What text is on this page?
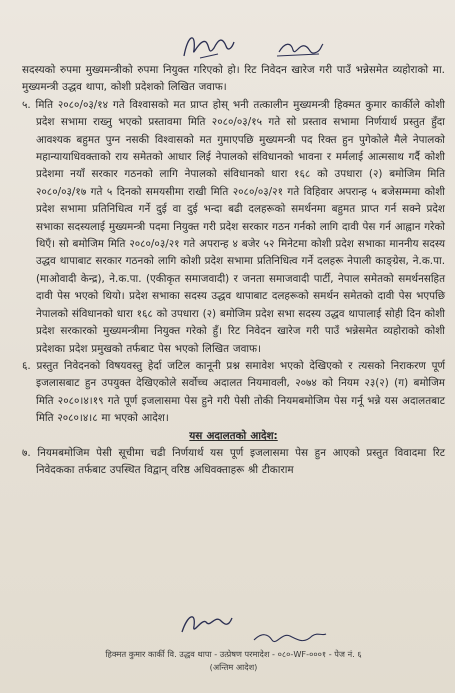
सदस्यको रुपमा मुख्यमन्त्रीको रुपमा नियुक्त गरिएको हो। रिट निवेदन खारेज गरी पाउँ भन्नेसमेत व्यहोराको मा. मुख्यमन्त्री उद्धव थापा, कोशी प्रदेशको लिखित जवाफ।

५. मिति २०८०/०३/१४ गते विश्वासको मत प्राप्त होस् भनी तत्कालीन मुख्यमन्त्री हिक्मत कुमार कार्कीले कोशी प्रदेश सभामा राख्नु भएको प्रस्तावमा मिति २०८०/०३/१५ गते सो प्रस्ताव सभामा निर्णयार्थ प्रस्तुत हुँदा आवश्यक बहुमत पुग्न नसकी विश्वासको मत गुमाएपछि मुख्यमन्त्री पद रिक्त हुन पुगेकोले मैले नेपालको महान्यायाधिवक्ताको राय समेतको आधार लिई नेपालको संविधानको भावना र मर्मलाई आत्मसाथ गर्दै कोशी प्रदेशमा नयाँ सरकार गठनको लागि नेपालको संविधानको धारा १६८ को उपधारा (२) बमोजिम मिति २०८०/०३/१७ गते ५ दिनको समयसीमा राखी मिति २०८०/०३/२१ गते विहिवार अपरान्ह ५ बजेसम्ममा कोशी प्रदेश सभामा प्रतिनिधित्व गर्ने दुई वा दुई भन्दा बढी दलहरूको समर्थनमा बहुमत प्राप्त गर्न सक्ने प्रदेश सभाका सदस्यलाई मुख्यमन्त्री पदमा नियुक्त गरी प्रदेश सरकार गठन गर्नको लागि दावी पेस गर्न आह्वान गरेको थिएँ। सो बमोजिम मिति २०८०/०३/२१ गते अपरान्ह ४ बजेर ५२ मिनेटमा कोशी प्रदेश सभाका माननीय सदस्य उद्धव थापाबाट सरकार गठनको लागि कोशी प्रदेश सभामा प्रतिनिधित्व गर्ने दलहरू नेपाली काङ्ग्रेस, ने.क.पा. (माओवादी केन्द्र), ने.क.पा. (एकीकृत समाजवादी) र जनता समाजवादी पार्टी, नेपाल समेतको समर्थनसहित दावी पेस भएको थियो। प्रदेश सभाका सदस्य उद्धव थापाबाट दलहरूको समर्थन समेतको दावी पेस भएपछि नेपालको संविधानको धारा १६८ को उपधारा (२) बमोजिम प्रदेश सभा सदस्य उद्धव थापालाई सोही दिन कोशी प्रदेश सरकारको मुख्यमन्त्रीमा नियुक्त गरेको हुँ। रिट निवेदन खारेज गरी पाउँ भन्नेसमेत व्यहोराको कोशी प्रदेशका प्रदेश प्रमुखको तर्फबाट पेस भएको लिखित जवाफ।

६. प्रस्तुत निवेदनको विषयवस्तु हेर्दा जटिल कानूनी प्रश्न समावेश भएको देखिएको र त्यसको निराकरण पूर्ण इजलासबाट हुन उपयुक्त देखिएकोले सर्वोच्च अदालत नियमावली, २०७४ को नियम २३(२) (ग) बमोजिम मिति २०८०।४।१९ गते पूर्ण इजलासमा पेस हुने गरी पेसी तोकी नियमबमोजिम पेस गर्नू भन्ने यस अदालतबाट मिति २०८०।४।८ मा भएको आदेश।

यस अदालतको आदेश:

७. नियमबमोजिम पेसी सूचीमा चढी निर्णयार्थ यस पूर्ण इजलासमा पेस हुन आएको प्रस्तुत विवादमा रिट निवेदकका तर्फबाट उपस्थित विद्वान् वरिष्ठ अधिवक्ताहरू श्री टीकाराम

हिक्मत कुमार कार्की वि. उद्धव थापा - उत्प्रेषण परमादेश - ०८०-WF-०००१ - पेज नं. ६
(अन्तिम आदेश)
